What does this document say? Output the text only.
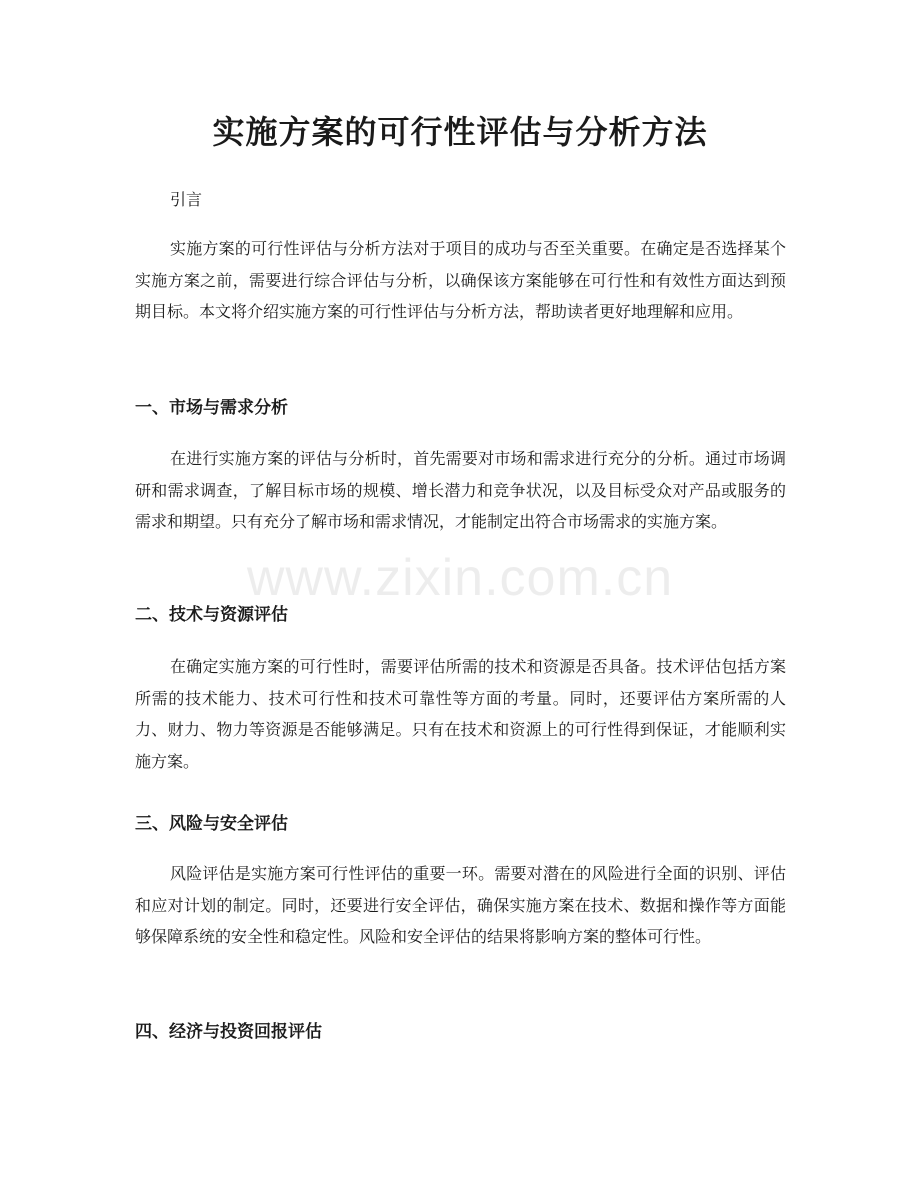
实施方案的可行性评估与分析方法
引言
实施方案的可行性评估与分析方法对于项目的成功与否至关重要。在确定是否选择某个实施方案之前，需要进行综合评估与分析，以确保该方案能够在可行性和有效性方面达到预期目标。本文将介绍实施方案的可行性评估与分析方法，帮助读者更好地理解和应用。
一、市场与需求分析
在进行实施方案的评估与分析时，首先需要对市场和需求进行充分的分析。通过市场调研和需求调查，了解目标市场的规模、增长潜力和竞争状况，以及目标受众对产品或服务的需求和期望。只有充分了解市场和需求情况，才能制定出符合市场需求的实施方案。
二、技术与资源评估
在确定实施方案的可行性时，需要评估所需的技术和资源是否具备。技术评估包括方案所需的技术能力、技术可行性和技术可靠性等方面的考量。同时，还要评估方案所需的人力、财力、物力等资源是否能够满足。只有在技术和资源上的可行性得到保证，才能顺利实施方案。
三、风险与安全评估
风险评估是实施方案可行性评估的重要一环。需要对潜在的风险进行全面的识别、评估和应对计划的制定。同时，还要进行安全评估，确保实施方案在技术、数据和操作等方面能够保障系统的安全性和稳定性。风险和安全评估的结果将影响方案的整体可行性。
四、经济与投资回报评估
www.zixin.com.cn
